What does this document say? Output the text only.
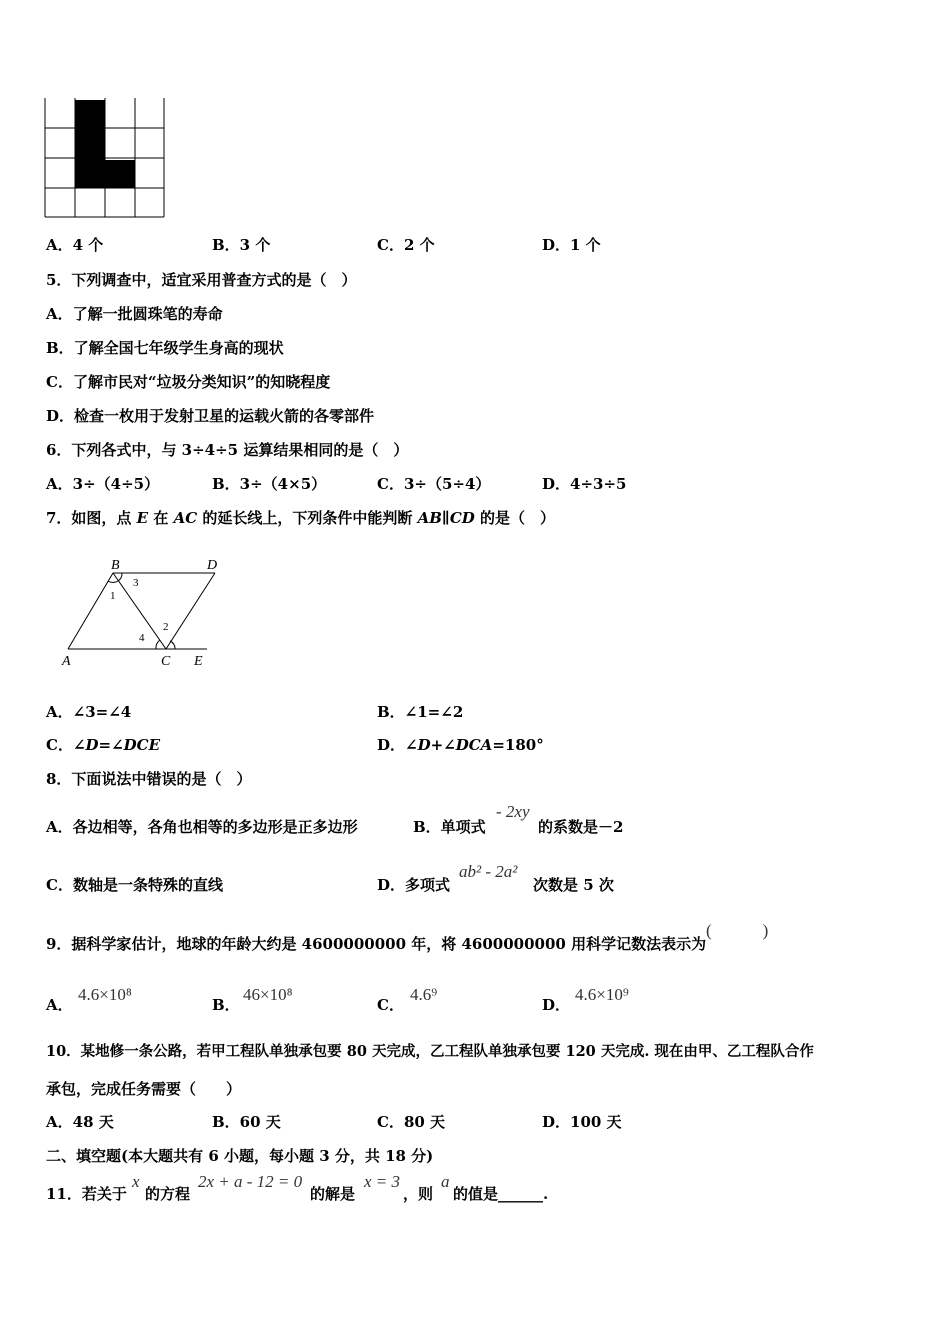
A．4 个	B．3 个	C．2 个	D．1 个
5．下列调查中，适宜采用普查方式的是（　）
A．了解一批圆珠笔的寿命
B．了解全国七年级学生身高的现状
C．了解市民对“垃圾分类知识”的知晓程度
D．检查一枚用于发射卫星的运载火箭的各零部件
6．下列各式中，与 3÷4÷5 运算结果相同的是（　）
A．3÷（4÷5）	B．3÷（4×5）	C．3÷（5÷4）	D．4÷3÷5
7．如图，点 E 在 AC 的延长线上，下列条件中能判断 AB∥CD 的是（　）
B	D
A	C E
1
3
4
2
A．∠3=∠4	B．∠1=∠2
C．∠D=∠DCE	D．∠D+∠DCA=180°
8．下面说法中错误的是（　）
A．各边相等，各角也相等的多边形是正多边形	B．单项式
- 2xy
的系数是－2
C．数轴是一条特殊的直线	D．多项式
ab² - 2a²
次数是 5 次
9．据科学家估计，地球的年龄大约是 4600000000 年，将 4600000000 用科学记数法表示为
(　　　)
A．
4.6×10⁸
B．
46×10⁸
C．
4.6⁹
D．
4.6×10⁹
10．某地修一条公路，若甲工程队单独承包要 80 天完成，乙工程队单独承包要 120 天完成. 现在由甲、乙工程队合作
承包，完成任务需要（　　）
A．48 天	B．60 天	C．80 天	D．100 天
二、填空题(本大题共有 6 小题，每小题 3 分，共 18 分)
11．若关于
x
的方程
2x + a - 12 = 0
的解是
x = 3
，则
a
的值是______.
